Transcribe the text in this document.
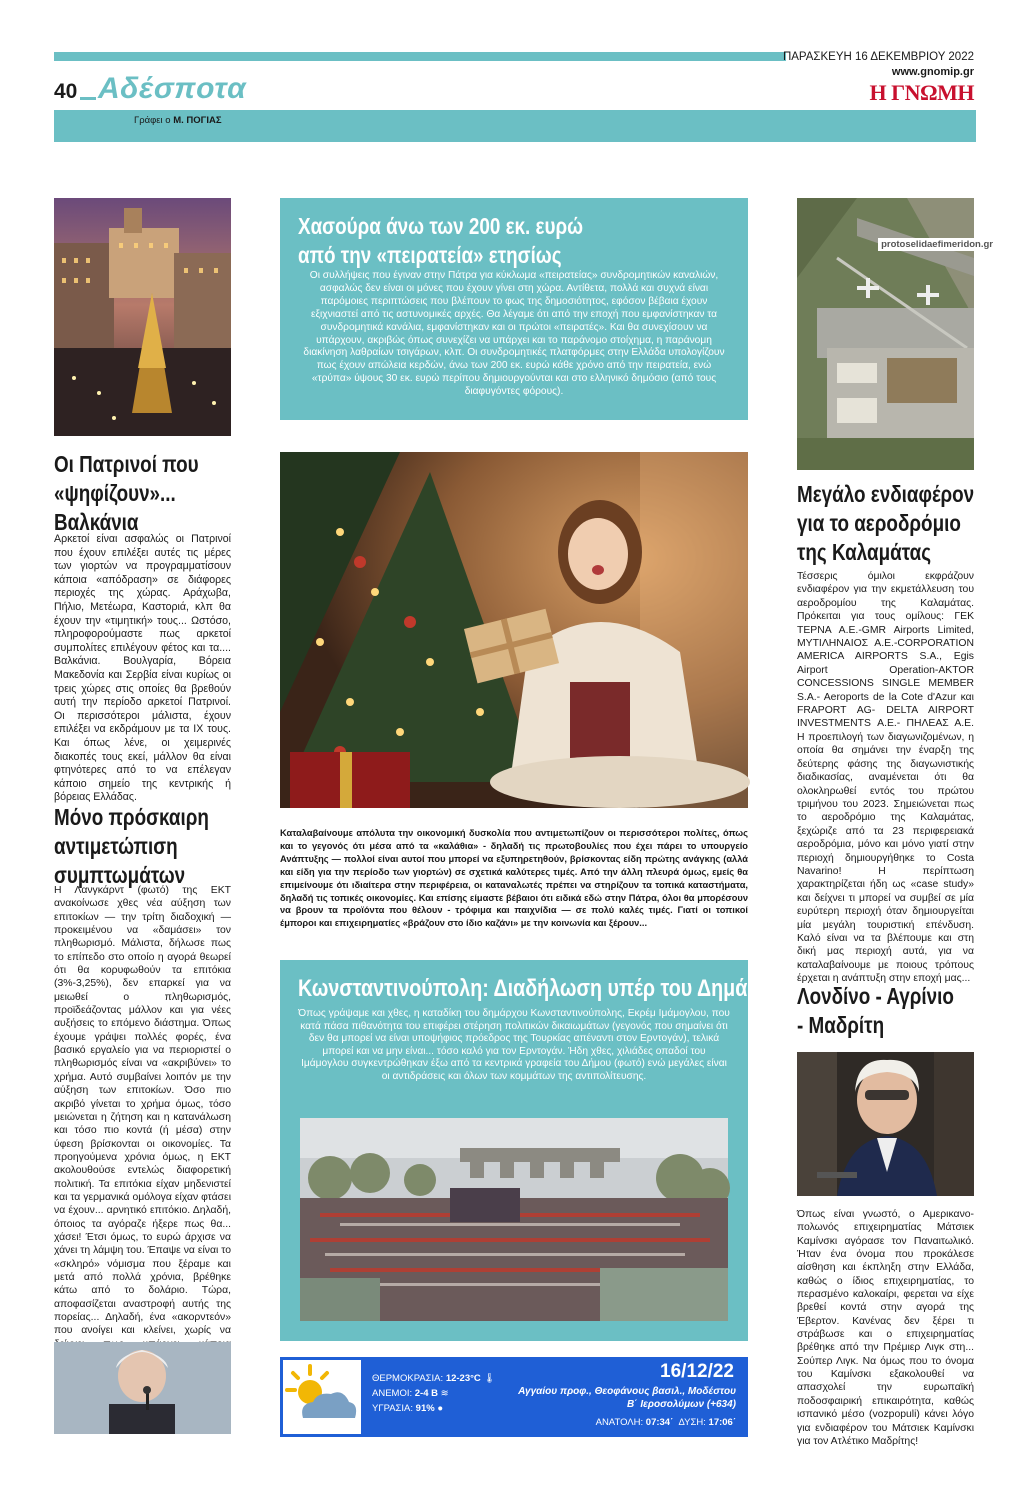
40 Αδέσποτα
ΠΑΡΑΣΚΕΥΗ 16 ΔΕΚΕΜΒΡΙΟΥ 2022
www.gnomip.gr
Η ΓΝΩΜΗ
Γράφει ο Μ. ΠΟΓΙΑΣ
Οι Πατρινοί που
«ψηφίζουν»...
Βαλκάνια
Αρκετοί είναι ασφαλώς οι Πατρινοί που έχουν επιλέξει αυτές τις μέρες των γιορτών να προγραμματίσουν κάποια «απόδραση» σε διάφορες περιοχές της χώρας. Αράχωβα, Πήλιο, Μετέωρα, Καστοριά, κλπ θα έχουν την «τιμητική» τους... Ωστόσο, πληροφορούμαστε πως αρκετοί συμπολίτες επιλέγουν φέτος και τα.... Βαλκάνια. Βουλγαρία, Βόρεια Μακεδονία και Σερβία είναι κυρίως οι τρεις χώρες στις οποίες θα βρεθούν αυτή την περίοδο αρκετοί Πατρινοί. Οι περισσότεροι μάλιστα, έχουν επιλέξει να εκδράμουν με τα ΙΧ τους. Και όπως λένε, οι χειμερινές διακοπές τους εκεί, μάλλον θα είναι φτηνότερες από το να επέλεγαν κάποιο σημείο της κεντρικής ή βόρειας Ελλάδας.
Μόνο πρόσκαιρη
αντιμετώπιση
συμπτωμάτων
Η Λανγκάρντ (φωτό) της ΕΚΤ ανακοίνωσε χθες νέα αύξηση των επιτοκίων — την τρίτη διαδοχική — προκειμένου να «δαμάσει» τον πληθωρισμό. Μάλιστα, δήλωσε πως το επίπεδο στο οποίο η αγορά θεωρεί ότι θα κορυφωθούν τα επιτόκια (3%-3,25%), δεν επαρκεί για να μειωθεί ο πληθωρισμός, προϊδεάζοντας μάλλον και για νέες αυξήσεις το επόμενο διάστημα. Όπως έχουμε γράψει πολλές φορές, ένα βασικό εργαλείο για να περιοριστεί ο πληθωρισμός είναι να «ακριβύνει» το χρήμα. Αυτό συμβαίνει λοιπόν με την αύξηση των επιτοκίων. Όσο πιο ακριβό γίνεται το χρήμα όμως, τόσο μειώνεται η ζήτηση και η κατανάλωση και τόσο πιο κοντά (ή μέσα) στην ύφεση βρίσκονται οι οικονομίες. Τα προηγούμενα χρόνια όμως, η ΕΚΤ ακολουθούσε εντελώς διαφορετική πολιτική. Τα επιτόκια είχαν μηδενιστεί και τα γερμανικά ομόλογα είχαν φτάσει να έχουν... αρνητικό επιτόκιο. Δηλαδή, όποιος τα αγόραζε ήξερε πως θα... χάσει! Έτσι όμως, το ευρώ άρχισε να χάνει τη λάμψη του. Έπαψε να είναι το «σκληρό» νόμισμα που ξέραμε και μετά από πολλά χρόνια, βρέθηκε κάτω από το δολάριο. Τώρα, αποφασίζεται αναστροφή αυτής της πορείας... Δηλαδή, ένα «ακορντεόν» που ανοίγει και κλείνει, χωρίς να
Χασούρα άνω των 200 εκ. ευρώ
από την «πειρατεία» ετησίως
Οι συλλήψεις που έγιναν στην Πάτρα για κύκλωμα «πειρατείας» συνδρομητικών καναλιών, ασφαλώς δεν είναι οι μόνες που έχουν γίνει στη χώρα. Αντίθετα, πολλά και συχνά είναι παρόμοιες περιπτώσεις που βλέπουν το φως της δημοσιότητος, εφόσον βέβαια έχουν εξιχνιαστεί από τις αστυνομικές αρχές. Θα λέγαμε ότι από την εποχή που εμφανίστηκαν τα συνδρομητικά κανάλια, εμφανίστηκαν και οι πρώτοι «πειρατές». Και θα συνεχίσουν να υπάρχουν, ακριβώς όπως συνεχίζει να υπάρχει και το παράνομο στοίχημα, η παράνομη διακίνηση λαθραίων τσιγάρων, κλπ. Οι συνδρομητικές πλατφόρμες στην Ελλάδα υπολογίζουν πως έχουν απώλεια κερδών, άνω των 200 εκ. ευρώ κάθε χρόνο από την πειρατεία, ενώ «τρύπα» ύψους 30 εκ. ευρώ περίπου δημιουργούνται και στο ελληνικό δημόσιο (από τους διαφυγόντες φόρους).
Καταλαβαίνουμε απόλυτα την οικονομική δυσκολία που αντιμετωπίζουν οι περισσότεροι πολίτες, όπως και το γεγονός ότι μέσα από τα «καλάθια» - δηλαδή τις πρωτοβουλίες που έχει πάρει το υπουργείο Ανάπτυξης — πολλοί είναι αυτοί που μπορεί να εξυπηρετηθούν, βρίσκοντας είδη πρώτης ανάγκης (αλλά και είδη για την περίοδο των γιορτών) σε σχετικά καλύτερες τιμές. Από την άλλη πλευρά όμως, εμείς θα επιμείνουμε ότι ιδιαίτερα στην περιφέρεια, οι καταναλωτές πρέπει να στηρίζουν τα τοπικά καταστήματα, δηλαδή τις τοπικές οικονομίες. Και επίσης είμαστε βέβαιοι ότι ειδικά εδώ στην Πάτρα, όλοι θα μπορέσουν να βρουν τα προϊόντα που θέλουν - τρόφιμα και παιχνίδια — σε πολύ καλές τιμές. Γιατί οι τοπικοί έμποροι και επιχειρηματίες «βράζουν στο ίδιο καζάνι» με την κοινωνία και ξέρουν...
Κωνσταντινούπολη: Διαδήλωση υπέρ του Δημάρχου
Όπως γράψαμε και χθες, η καταδίκη του δημάρχου Κωνσταντινούπολης, Εκρέμ Ιμάμογλου, που κατά πάσα πιθανότητα του επιφέρει στέρηση πολιτικών δικαιωμάτων (γεγονός που σημαίνει ότι δεν θα μπορεί να είναι υποψήφιος πρόεδρος της Τουρκίας απέναντι στον Ερντογάν), τελικά μπορεί και να μην είναι... τόσο καλό για τον Ερντογάν. Ήδη χθες, χιλιάδες οπαδοί του Ιμάμογλου συγκεντρώθηκαν έξω από τα κεντρικά γραφεία του Δήμου (φωτό) ενώ μεγάλες είναι οι αντιδράσεις και όλων των κομμάτων της αντιπολίτευσης.
ΘΕΡΜΟΚΡΑΣΙΑ: 12-23°C 🌡
ΑΝΕΜΟΙ: 2-4 Β ≋
ΥΓΡΑΣΙΑ: 91% ●
16/12/22
Αγγαίου προφ., Θεοφάνους βασιλ., Μοδέστου
Β΄ Ιεροσολύμων (+634)
ΑΝΑΤΟΛΗ: 07:34΄ ΔΥΣΗ: 17:06΄
protoselidaefimeridon.gr
Μεγάλο ενδιαφέρον
για το αεροδρόμιο
της Καλαμάτας
Τέσσερις όμιλοι εκφράζουν ενδιαφέρον για την εκμετάλλευση του αεροδρομίου της Καλαμάτας. Πρόκειται για τους ομίλους: ΓΕΚ ΤΕΡΝΑ Α.Ε.-GMR Airports Limited, ΜΥΤΙΛΗΝΑΙΟΣ Α.Ε.-CORPORATION AMERICA AIRPORTS S.A., Egis Airport Operation-AKTOR CONCESSIONS SINGLE MEMBER S.A.- Aeroports de la Cote d'Azur και FRAPORT AG- DELTA AIRPORT INVESTMENTS Α.Ε.- ΠΗΛΕΑΣ Α.Ε. Η προεπιλογή των διαγωνιζομένων, η οποία θα σημάνει την έναρξη της δεύτερης φάσης της διαγωνιστικής διαδικασίας, αναμένεται ότι θα ολοκληρωθεί εντός του πρώτου τριμήνου του 2023. Σημειώνεται πως το αεροδρόμιο της Καλαμάτας, ξεχώριζε από τα 23 περιφερειακά αεροδρόμια, μόνο και μόνο γιατί στην περιοχή δημιουργήθηκε το Costa Navarino! Η περίπτωση χαρακτηρίζεται ήδη ως «case study» και δείχνει τι μπορεί να συμβεί σε μία ευρύτερη περιοχή όταν δημιουργείται μία μεγάλη τουριστική επένδυση. Καλό είναι να τα βλέπουμε και στη δική μας περιοχή αυτά, για να καταλαβαίνουμε με ποιους τρόπους έρχεται η ανάπτυξη στην εποχή μας...
Λονδίνο - Αγρίνιο
- Μαδρίτη
Όπως είναι γνωστό, ο Αμερικανο-πολωνός επιχειρηματίας Μάτσιεκ Καμίνσκι αγόρασε τον Παναιτωλικό. Ήταν ένα όνομα που προκάλεσε αίσθηση και έκπληξη στην Ελλάδα, καθώς ο ίδιος επιχειρηματίας, το περασμένο καλοκαίρι, φερεται να είχε βρεθεί κοντά στην αγορά της Έβερτον. Κανένας δεν ξέρει τι στράβωσε και ο επιχειρηματίας βρέθηκε από την Πρέμιερ Λιγκ στη... Σούπερ Λιγκ. Να όμως που το όνομα του Καμίνσκι εξακολουθεί να απασχολεί την ευρωπαϊκή ποδοσφαιρική επικαιρότητα, καθώς ισπανικό μέσο (vozpopuli) κάνει λόγο για ενδιαφέρον του Μάτσιεκ Καμίνσκι για τον Ατλέτικο Μαδρίτης!
